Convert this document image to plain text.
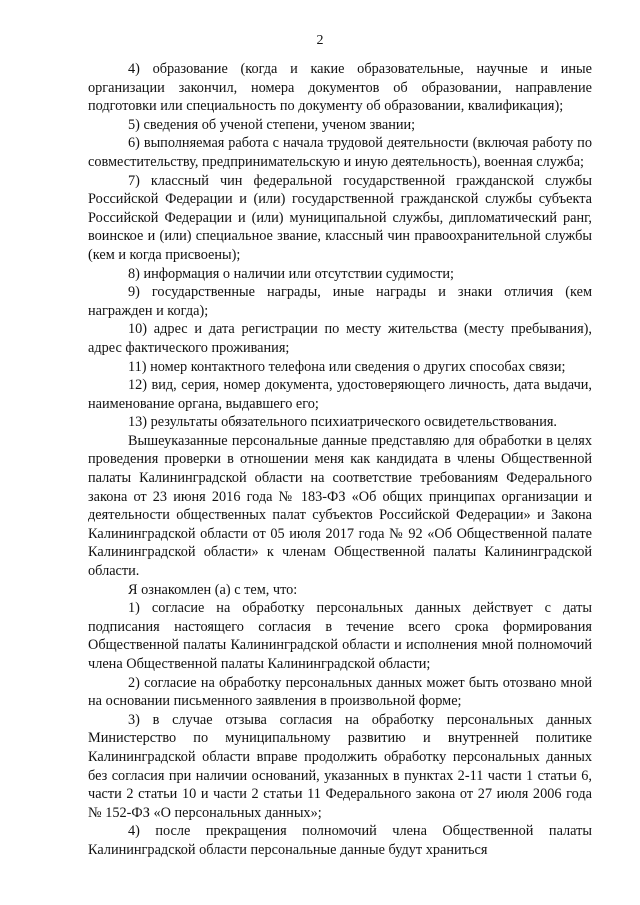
2

4) образование (когда и какие образовательные, научные и иные организации закончил, номера документов об образовании, направление подготовки или специальность по документу об образовании, квалификация);

5) сведения об ученой степени, ученом звании;

6) выполняемая работа с начала трудовой деятельности (включая работу по совместительству, предпринимательскую и иную деятельность), военная служба;

7) классный чин федеральной государственной гражданской службы Российской Федерации и (или) государственной гражданской службы субъекта Российской Федерации и (или) муниципальной службы, дипломатический ранг, воинское и (или) специальное звание, классный чин правоохранительной службы (кем и когда присвоены);

8) информация о наличии или отсутствии судимости;

9) государственные награды, иные награды и знаки отличия (кем награжден и когда);

10) адрес и дата регистрации по месту жительства (месту пребывания), адрес фактического проживания;

11) номер контактного телефона или сведения о других способах связи;

12) вид, серия, номер документа, удостоверяющего личность, дата выдачи, наименование органа, выдавшего его;

13) результаты обязательного психиатрического освидетельствования.

Вышеуказанные персональные данные представляю для обработки в целях проведения проверки в отношении меня как кандидата в члены Общественной палаты Калининградской области на соответствие требованиям Федерального закона от 23 июня 2016 года № 183-ФЗ «Об общих принципах организации и деятельности общественных палат субъектов Российской Федерации» и Закона Калининградской области от 05 июля 2017 года № 92 «Об Общественной палате Калининградской области» к членам Общественной палаты Калининградской области.

Я ознакомлен (а) с тем, что:

1) согласие на обработку персональных данных действует с даты подписания настоящего согласия в течение всего срока формирования Общественной палаты Калининградской области и исполнения мной полномочий члена Общественной палаты Калининградской области;

2) согласие на обработку персональных данных может быть отозвано мной на основании письменного заявления в произвольной форме;

3) в случае отзыва согласия на обработку персональных данных Министерство по муниципальному развитию и внутренней политике Калининградской области вправе продолжить обработку персональных данных без согласия при наличии оснований, указанных в пунктах 2-11 части 1 статьи 6, части 2 статьи 10 и части 2 статьи 11 Федерального закона от 27 июля 2006 года № 152-ФЗ «О персональных данных»;

4) после прекращения полномочий члена Общественной палаты Калининградской области персональные данные будут храниться
